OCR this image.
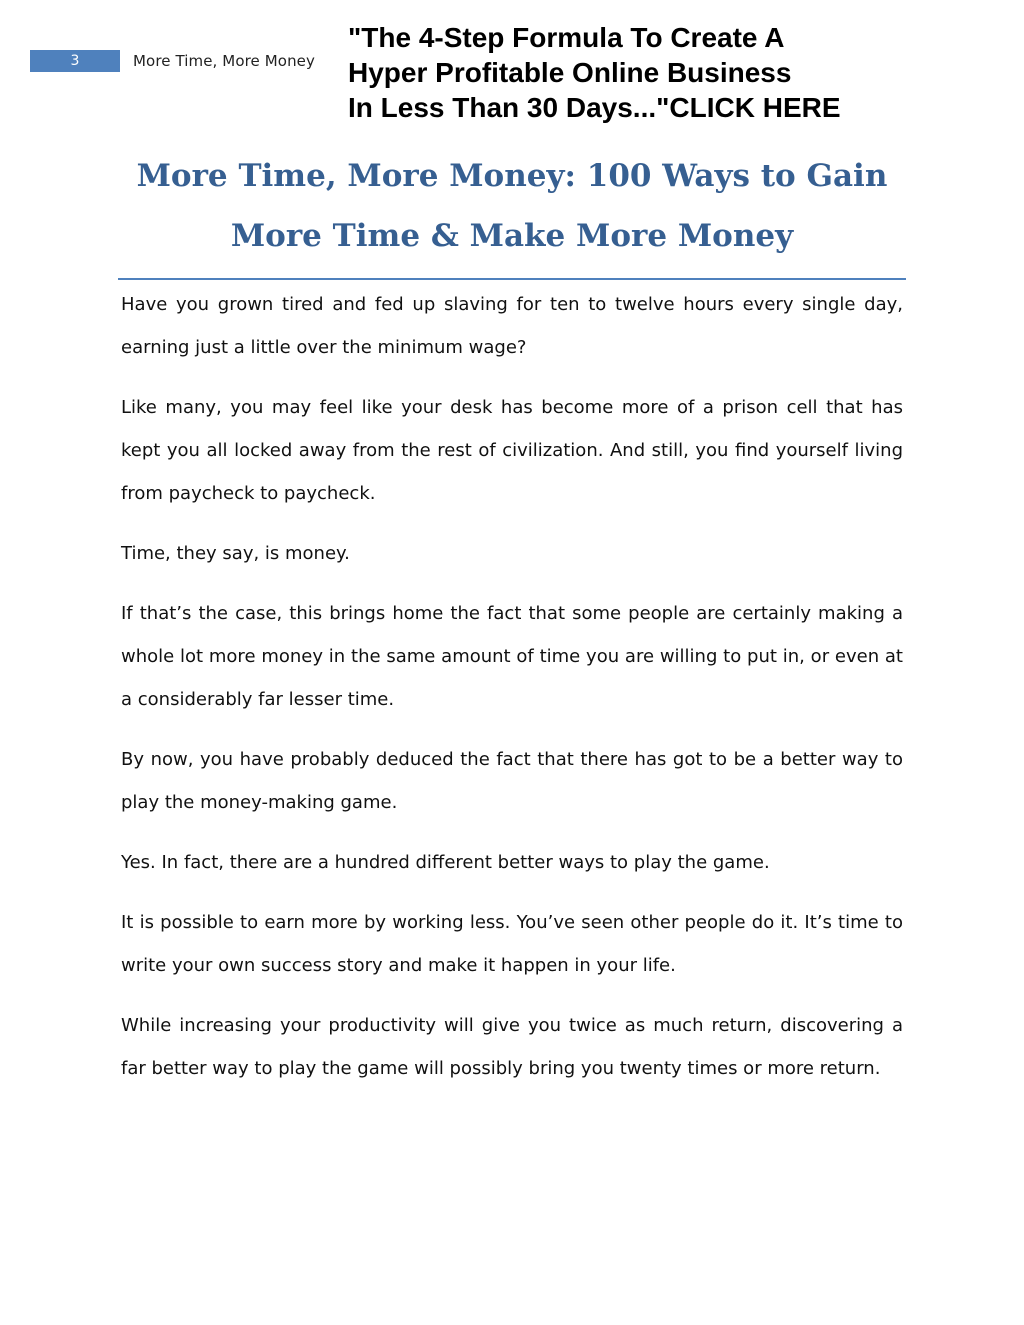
3	More Time, More Money
"The 4-Step Formula To Create A
Hyper Profitable Online Business
In Less Than 30 Days..."CLICK HERE
More Time, More Money: 100 Ways to Gain More Time & Make More Money

Have you grown tired and fed up slaving for ten to twelve hours every single day, earning just a little over the minimum wage?

Like many, you may feel like your desk has become more of a prison cell that has kept you all locked away from the rest of civilization. And still, you find yourself living from paycheck to paycheck.

Time, they say, is money.

If that’s the case, this brings home the fact that some people are certainly making a whole lot more money in the same amount of time you are willing to put in, or even at a considerably far lesser time.

By now, you have probably deduced the fact that there has got to be a better way to play the money-making game.

Yes. In fact, there are a hundred different better ways to play the game.

It is possible to earn more by working less. You’ve seen other people do it. It’s time to write your own success story and make it happen in your life.

While increasing your productivity will give you twice as much return, discovering a far better way to play the game will possibly bring you twenty times or more return.
